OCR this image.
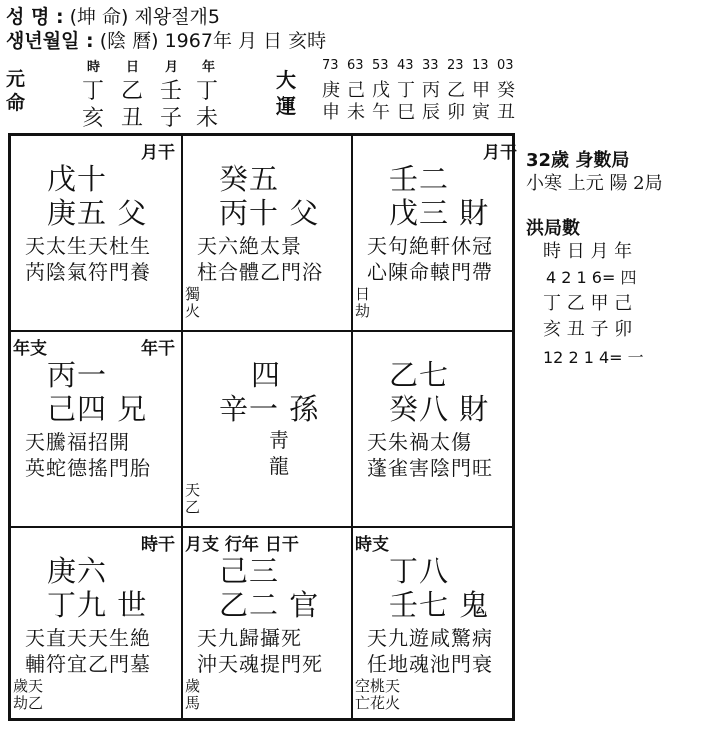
성 명 : (坤 命) 제왕절개5
생년월일 : (陰 曆) 1967年 月 日 亥時
元
命
時 日 月 年
丁 乙 壬 丁
亥 丑 子 未
大
運
73
庚
申
63
己
未
53
戊
午
43
丁
巳
33
丙
辰
23
乙
卯
13
甲
寅
03
癸
丑
月干
戊十
庚五 父
天太生天杜生
芮陰氣符門養
癸五
丙十 父
天六絶太景
柱合體乙門浴
獨
火
月干
壬二
戊三 財
天句絶軒休冠
心陳命轅門帶
日
劫
年支	年干
丙一
己四 兄
天騰福招開
英蛇德搖門胎
四
辛一 孫
靑
龍
天
乙
乙七
癸八 財
天朱禍太傷
蓬雀害陰門旺
時干
庚六
丁九 世
天直天天生絶
輔符宜乙門墓
歲天
劫乙
月支 行年 日干
己三
乙二 官
天九歸攝死
沖天魂提門死
歲
馬
時支
丁八
壬七 鬼
天九遊咸驚病
任地魂池門衰
空桃天
亡花火
32歲 身數局
小寒 上元 陽 2局
洪局數
時 日 月 年
4 2 1 6= 四
丁 乙 甲 己
亥 丑 子 卯
12 2 1 4= 一
